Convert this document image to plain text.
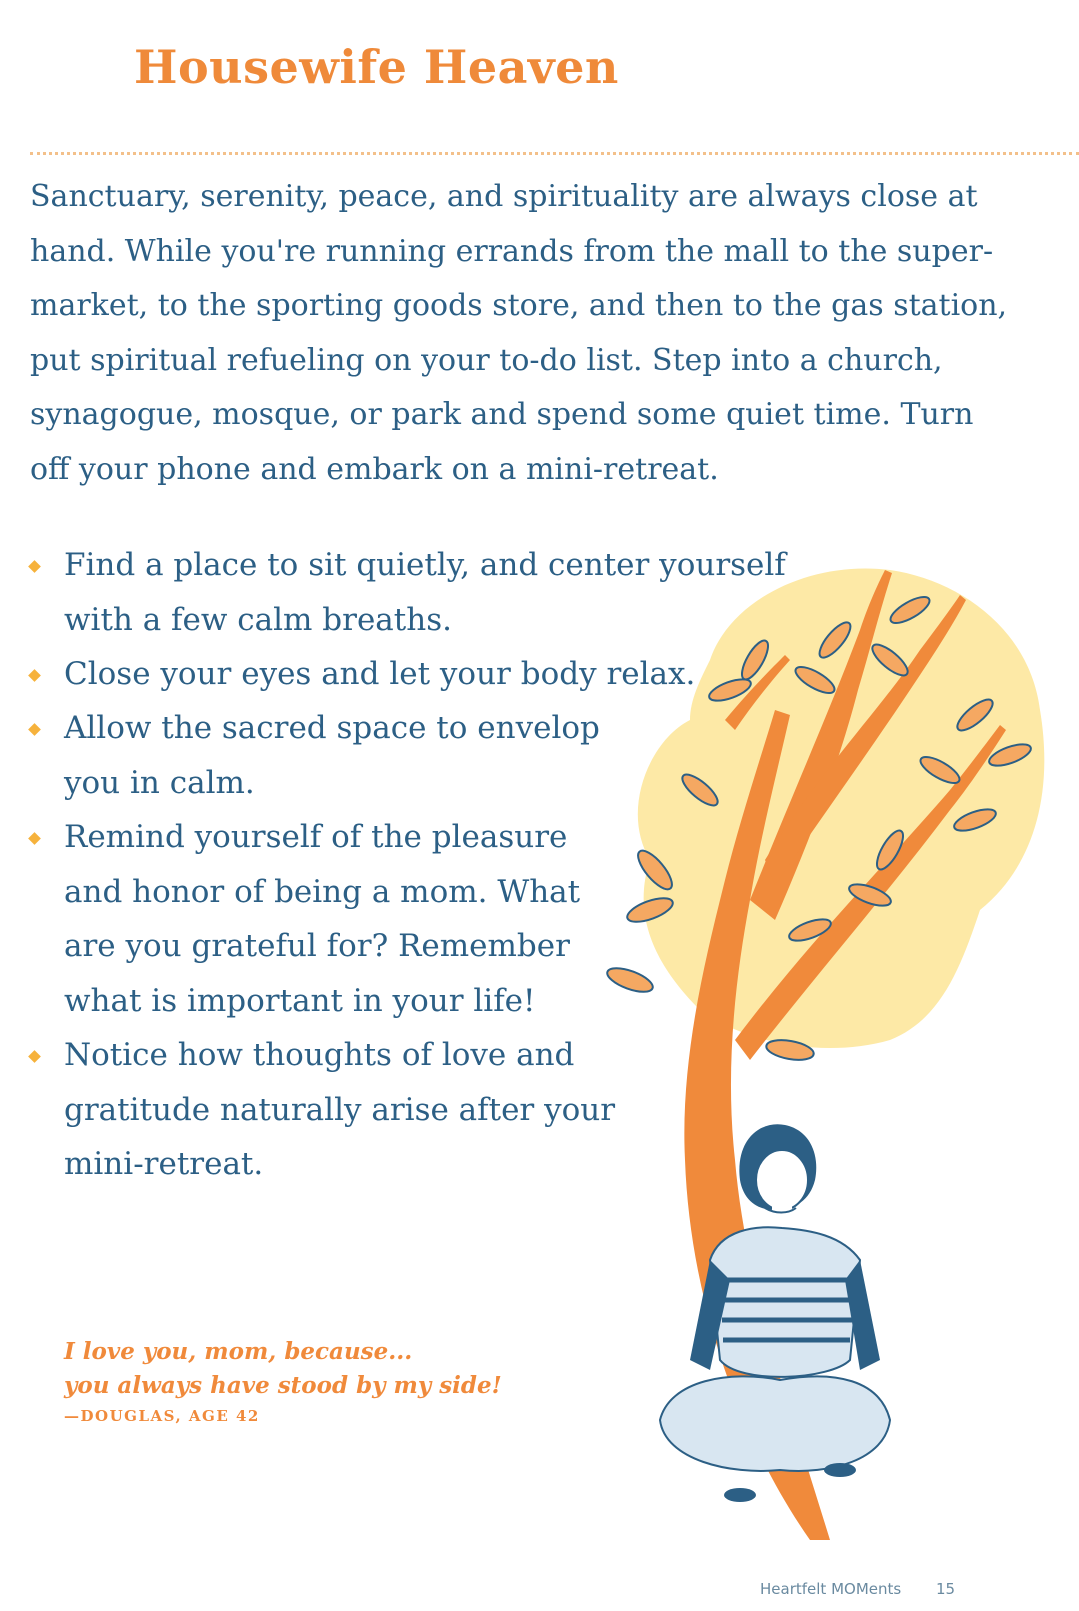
Housewife Heaven
Sanctuary, serenity, peace, and spirituality are always close at
hand. While you're running errands from the mall to the super-
market, to the sporting goods store, and then to the gas station,
put spiritual refueling on your to-do list. Step into a church,
synagogue, mosque, or park and spend some quiet time. Turn
off your phone and embark on a mini-retreat.
Find a place to sit quietly, and center yourself
with a few calm breaths.
Close your eyes and let your body relax.
Allow the sacred space to envelop
you in calm.
Remind yourself of the pleasure
and honor of being a mom. What
are you grateful for? Remember
what is important in your life!
Notice how thoughts of love and
gratitude naturally arise after your
mini-retreat.
I love you, mom, because...
you always have stood by my side!
—DOUGLAS, AGE 42
Heartfelt MOMents 15
